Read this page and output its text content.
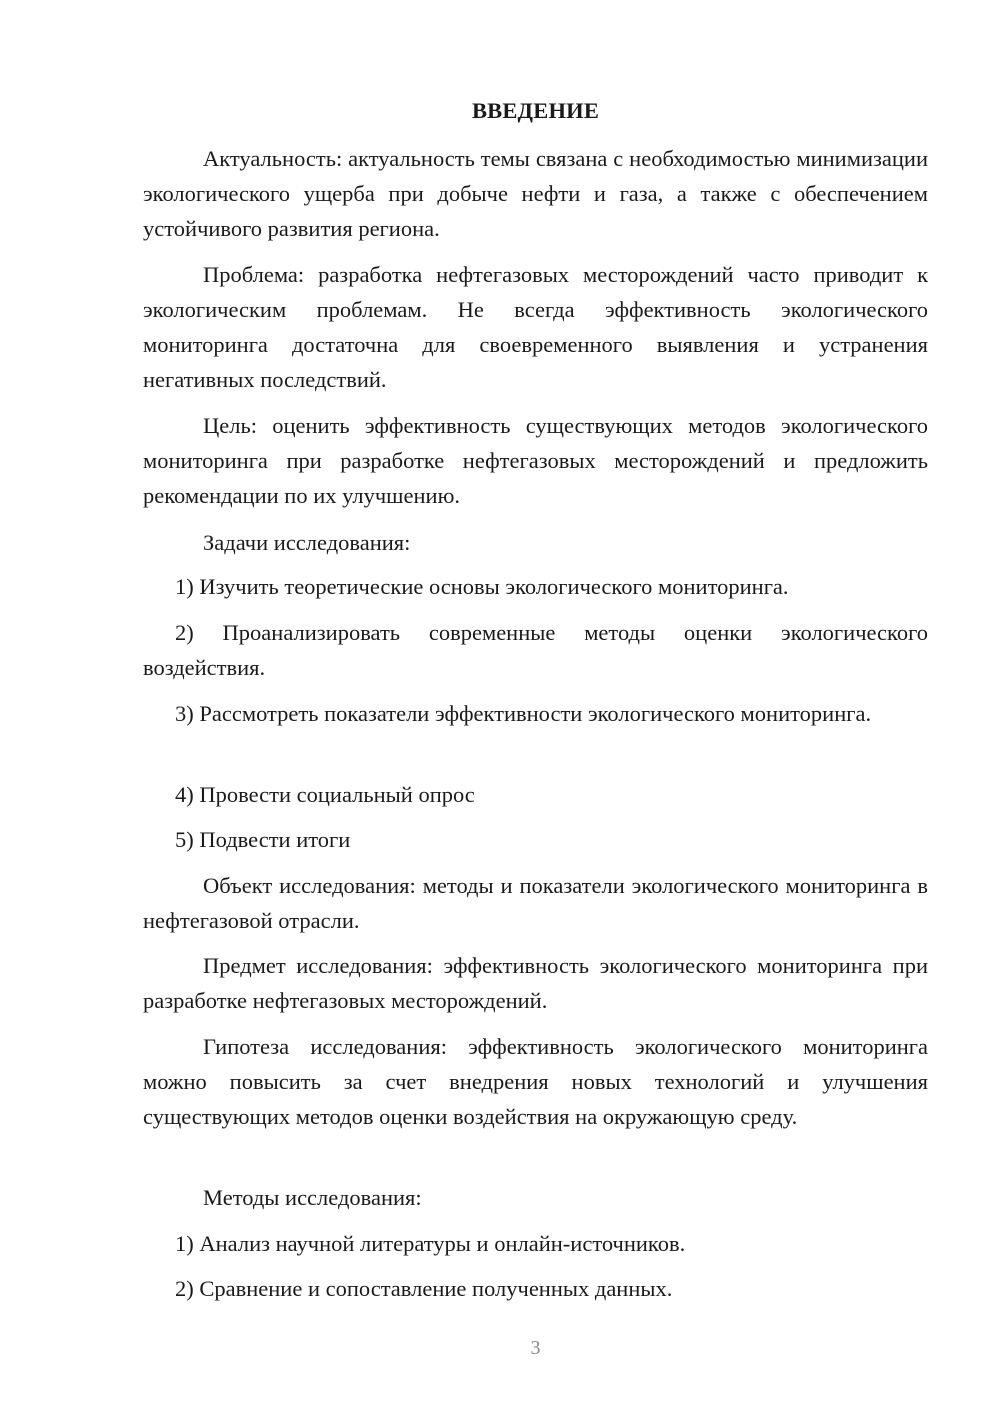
ВВЕДЕНИЕ
Актуальность: актуальность темы связана с необходимостью минимизации экологического ущерба при добыче нефти и газа, а также с обеспечением устойчивого развития региона.
Проблема: разработка нефтегазовых месторождений часто приводит к экологическим проблемам. Не всегда эффективность экологического мониторинга достаточна для своевременного выявления и устранения негативных последствий.
Цель: оценить эффективность существующих методов экологического мониторинга при разработке нефтегазовых месторождений и предложить рекомендации по их улучшению.
Задачи исследования:
1) Изучить теоретические основы экологического мониторинга.
2) Проанализировать современные методы оценки экологического воздействия.
3) Рассмотреть показатели эффективности экологического мониторинга.
4) Провести социальный опрос
5) Подвести итоги
Объект исследования: методы и показатели экологического мониторинга в нефтегазовой отрасли.
Предмет исследования: эффективность экологического мониторинга при разработке нефтегазовых месторождений.
Гипотеза исследования: эффективность экологического мониторинга можно повысить за счет внедрения новых технологий и улучшения существующих методов оценки воздействия на окружающую среду.
Методы исследования:
1) Анализ научной литературы и онлайн-источников.
2) Сравнение и сопоставление полученных данных.
3
